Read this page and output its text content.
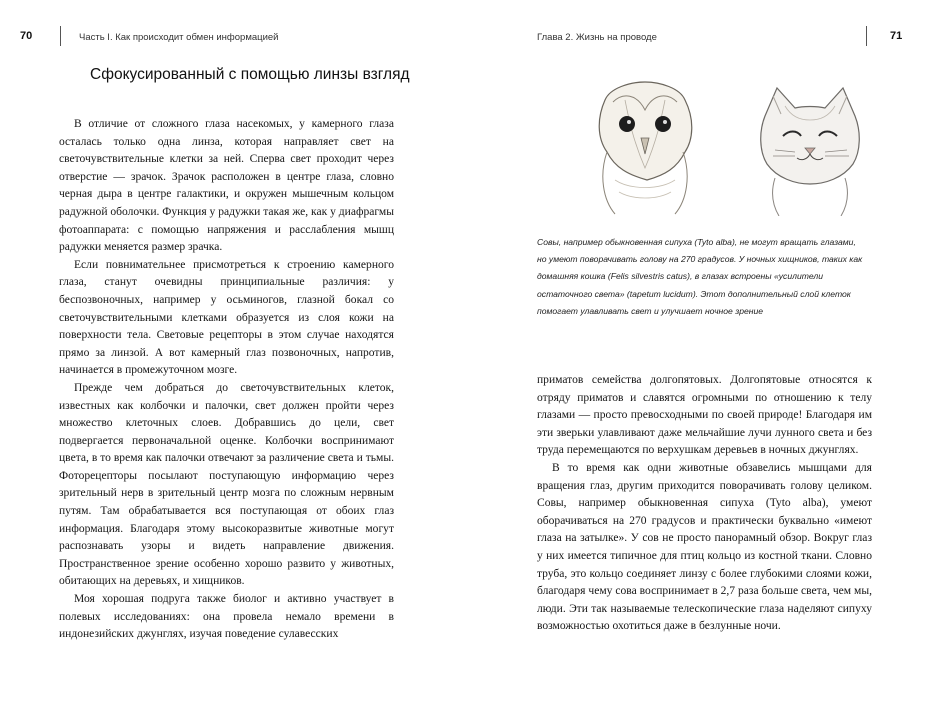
70	Часть I. Как происходит обмен информацией	Глава 2. Жизнь на проводе	71
Сфокусированный с помощью линзы взгляд

В отличие от сложного глаза насекомых, у камерного глаза осталась только одна линза, которая направляет свет на светочувствительные клетки за ней. Сперва свет проходит через отверстие — зрачок. Зрачок расположен в центре глаза, словно черная дыра в центре галактики, и окружен мышечным кольцом радужной оболочки. Функция у радужки такая же, как у диафрагмы фотоаппарата: с помощью напряжения и расслабления мышц радужки меняется размер зрачка.

Если повнимательнее присмотреться к строению камерного глаза, станут очевидны принципиальные различия: у беспозвоночных, например у осьминогов, глазной бокал со светочувствительными клетками образуется из слоя кожи на поверхности тела. Световые рецепторы в этом случае находятся прямо за линзой. А вот камерный глаз позвоночных, напротив, начинается в промежуточном мозге.

Прежде чем добраться до светочувствительных клеток, известных как колбочки и палочки, свет должен пройти через множество клеточных слоев. Добравшись до цели, свет подвергается первоначальной оценке. Колбочки воспринимают цвета, в то время как палочки отвечают за различение света и тьмы. Фоторецепторы посылают поступающую информацию через зрительный нерв в зрительный центр мозга по сложным нервным путям. Там обрабатывается вся поступающая от обоих глаз информация. Благодаря этому высокоразвитые животные могут распознавать узоры и видеть направление движения. Пространственное зрение особенно хорошо развито у животных, обитающих на деревьях, и хищников.

Моя хорошая подруга также биолог и активно участвует в полевых исследованиях: она провела немало времени в индонезийских джунглях, изучая поведение сулавесских

Совы, например обыкновенная сипуха (Tyto alba), не могут вращать глазами, но умеют поворачивать голову на 270 градусов. У ночных хищников, таких как домашняя кошка (Felis silvestris catus), в глазах встроены «усилители остаточного света» (tapetum lucidum). Этот дополнительный слой клеток помогает улавливать свет и улучшает ночное зрение

приматов семейства долгопятовых. Долгопятовые относятся к отряду приматов и славятся огромными по отношению к телу глазами — просто превосходными по своей природе! Благодаря им эти зверьки улавливают даже мельчайшие лучи лунного света и без труда перемещаются по верхушкам деревьев в ночных джунглях.

В то время как одни животные обзавелись мышцами для вращения глаз, другим приходится поворачивать голову целиком. Совы, например обыкновенная сипуха (Tyto alba), умеют оборачиваться на 270 градусов и практически буквально «имеют глаза на затылке». У сов не просто панорамный обзор. Вокруг глаз у них имеется типичное для птиц кольцо из костной ткани. Словно труба, это кольцо соединяет линзу с более глубокими слоями кожи, благодаря чему сова воспринимает в 2,7 раза больше света, чем мы, люди. Эти так называемые телескопические глаза наделяют сипуху возможностью охотиться даже в безлунные ночи.
